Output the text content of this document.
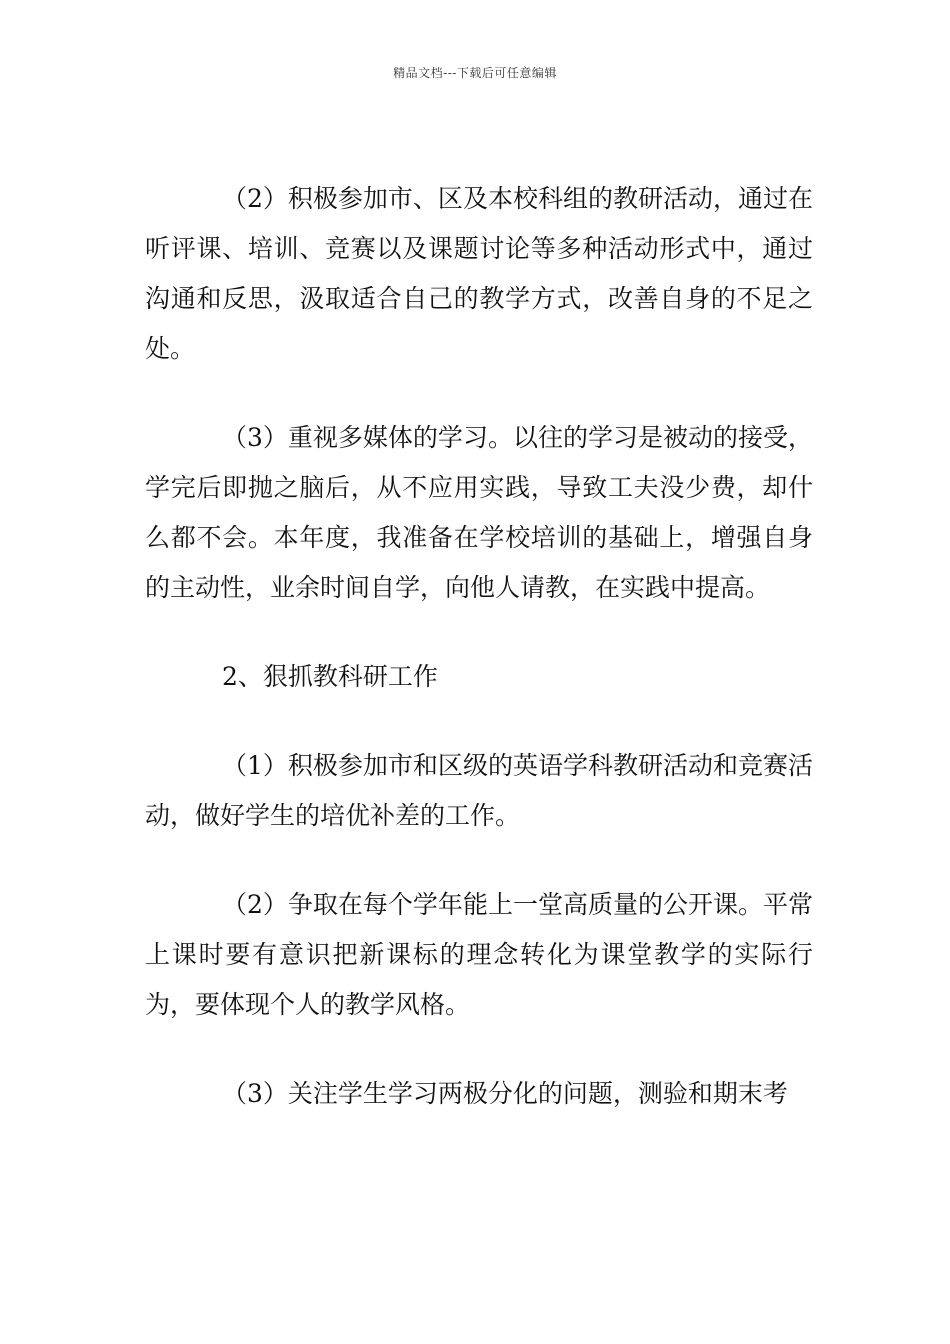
精品文档---下载后可任意编辑

（2）积极参加市、区及本校科组的教研活动，通过在听评课、培训、竞赛以及课题讨论等多种活动形式中，通过沟通和反思，汲取适合自己的教学方式，改善自身的不足之处。

（3）重视多媒体的学习。以往的学习是被动的接受，学完后即抛之脑后，从不应用实践，导致工夫没少费，却什么都不会。本年度，我准备在学校培训的基础上，增强自身的主动性，业余时间自学，向他人请教，在实践中提高。

2、狠抓教科研工作

（1）积极参加市和区级的英语学科教研活动和竞赛活动，做好学生的培优补差的工作。

（2）争取在每个学年能上一堂高质量的公开课。平常上课时要有意识把新课标的理念转化为课堂教学的实际行为，要体现个人的教学风格。

（3）关注学生学习两极分化的问题，测验和期末考
